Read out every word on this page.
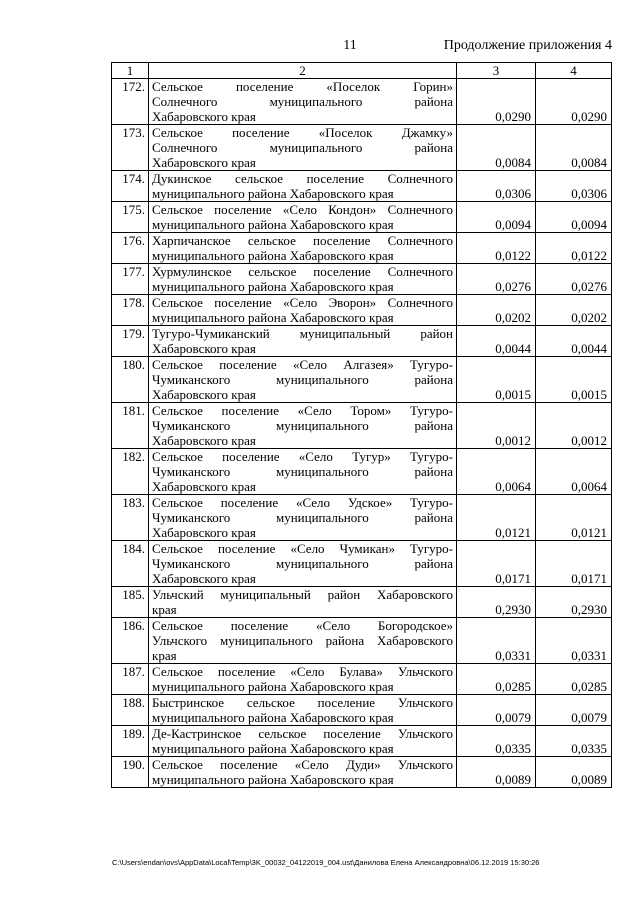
11	Продолжение приложения 4
1	2	3	4
172.	Сельское поселение «Поселок Горин»
Солнечного муниципального района
Хабаровского края	0,0290	0,0290
173.	Сельское поселение «Поселок Джамку»
Солнечного муниципального района
Хабаровского края	0,0084	0,0084
174.	Дукинское сельское поселение Солнечного
муниципального района Хабаровского края	0,0306	0,0306
175.	Сельское поселение «Село Кондон» Солнечного
муниципального района Хабаровского края	0,0094	0,0094
176.	Харпичанское сельское поселение Солнечного
муниципального района Хабаровского края	0,0122	0,0122
177.	Хурмулинское сельское поселение Солнечного
муниципального района Хабаровского края	0,0276	0,0276
178.	Сельское поселение «Село Эворон» Солнечного
муниципального района Хабаровского края	0,0202	0,0202
179.	Тугуро-Чумиканский муниципальный район
Хабаровского края	0,0044	0,0044
180.	Сельское поселение «Село Алгазея» Тугуро-
Чумиканского муниципального района
Хабаровского края	0,0015	0,0015
181.	Сельское поселение «Село Тором» Тугуро-
Чумиканского муниципального района
Хабаровского края	0,0012	0,0012
182.	Сельское поселение «Село Тугур» Тугуро-
Чумиканского муниципального района
Хабаровского края	0,0064	0,0064
183.	Сельское поселение «Село Удское» Тугуро-
Чумиканского муниципального района
Хабаровского края	0,0121	0,0121
184.	Сельское поселение «Село Чумикан» Тугуро-
Чумиканского муниципального района
Хабаровского края	0,0171	0,0171
185.	Ульчский муниципальный район Хабаровского
края	0,2930	0,2930
186.	Сельское поселение «Село Богородское»
Ульчского муниципального района Хабаровского
края	0,0331	0,0331
187.	Сельское поселение «Село Булава» Ульчского
муниципального района Хабаровского края	0,0285	0,0285
188.	Быстринское сельское поселение Ульчского
муниципального района Хабаровского края	0,0079	0,0079
189.	Де-Кастринское сельское поселение Ульчского
муниципального района Хабаровского края	0,0335	0,0335
190.	Сельское поселение «Село Дуди» Ульчского
муниципального района Хабаровского края	0,0089	0,0089
C:\Users\endan\ovs\AppData\Local\Temp\3K_00032_04122019_004.ust\Данилова Елена Александровна\06.12.2019 15:30:26
